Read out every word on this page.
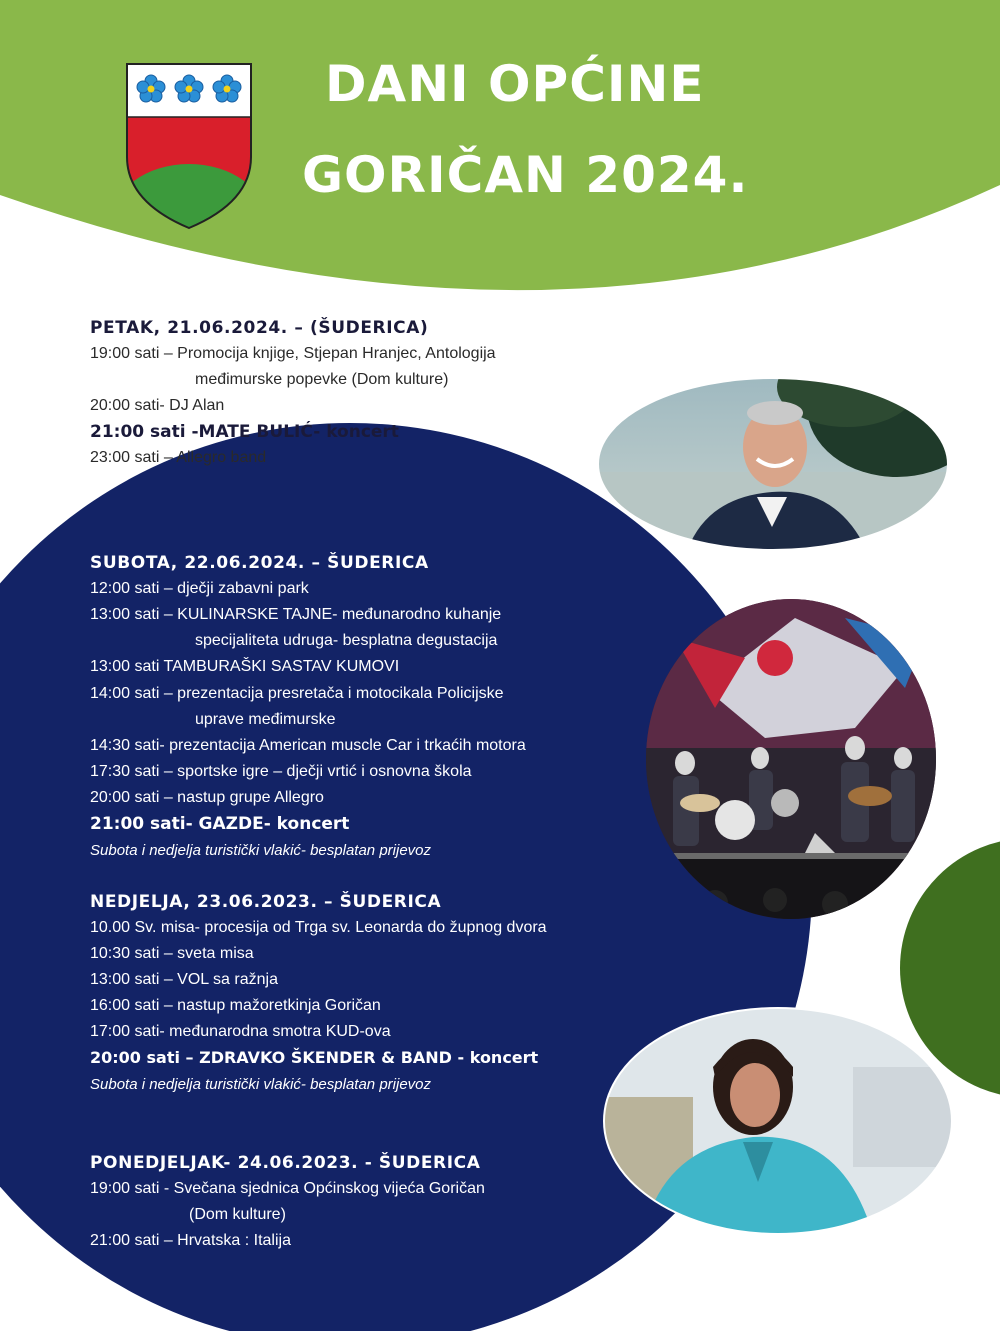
DANI OPĆINE
GORIČAN 2024.
PETAK, 21.06.2024. – (ŠUDERICA)
19:00 sati – Promocija knjige, Stjepan Hranjec, Antologija
međimurske popevke (Dom kulture)
20:00 sati- DJ Alan
21:00 sati -MATE BULIĆ- koncert
23:00 sati – Allegro band
SUBOTA, 22.06.2024. – ŠUDERICA
12:00 sati – dječji zabavni park
13:00 sati – KULINARSKE TAJNE- međunarodno kuhanje
specijaliteta udruga- besplatna degustacija
13:00 sati TAMBURAŠKI SASTAV KUMOVI
14:00 sati – prezentacija presretača i motocikala Policijske
uprave međimurske
14:30 sati- prezentacija American muscle Car i trkaćih motora
17:30 sati – sportske igre – dječji vrtić i osnovna škola
20:00 sati – nastup grupe Allegro
21:00 sati- GAZDE- koncert
Subota i nedjelja turistički vlakić- besplatan prijevoz
NEDJELJA, 23.06.2023. – ŠUDERICA
10.00 Sv. misa- procesija od Trga sv. Leonarda do župnog dvora
10:30 sati – sveta misa
13:00 sati – VOL sa ražnja
16:00 sati – nastup mažoretkinja Goričan
17:00 sati- međunarodna smotra KUD-ova
20:00 sati – ZDRAVKO ŠKENDER & BAND - koncert
Subota i nedjelja turistički vlakić- besplatan prijevoz
PONEDJELJAK- 24.06.2023. - ŠUDERICA
19:00 sati - Svečana sjednica Općinskog vijeća Goričan
(Dom kulture)
21:00 sati – Hrvatska : Italija
